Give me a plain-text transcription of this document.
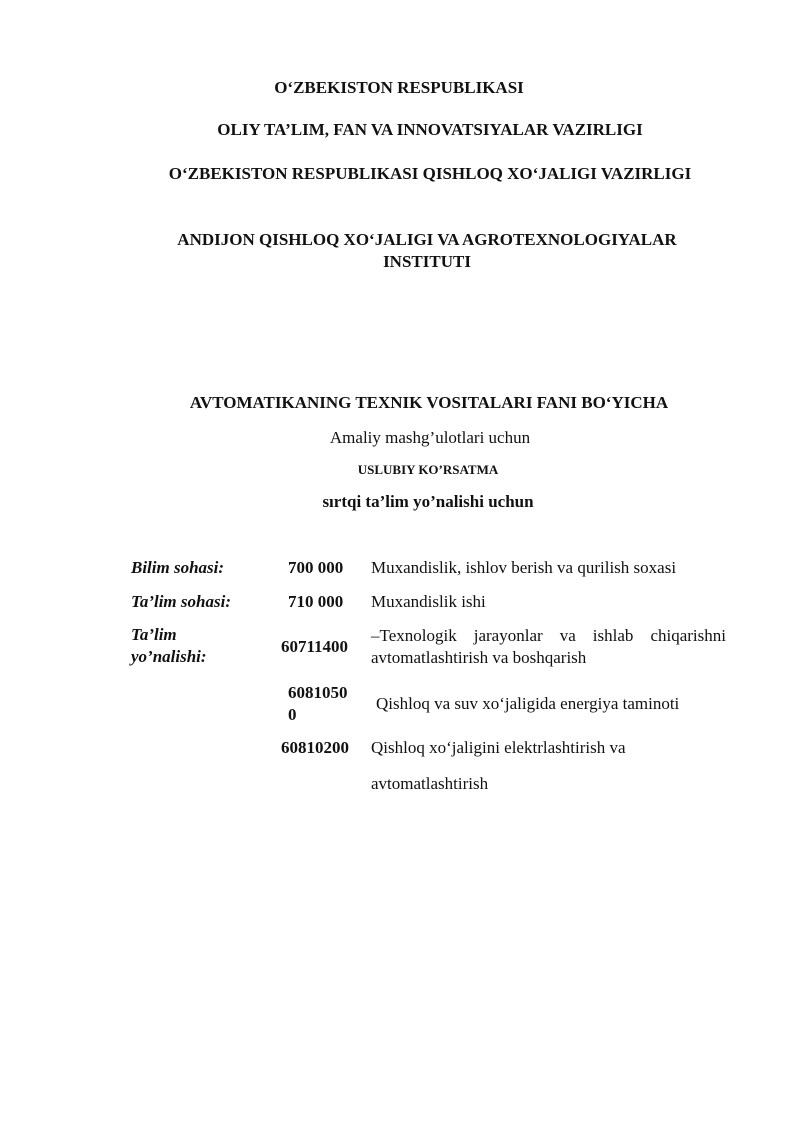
O‘ZBEKISTON RESPUBLIKASI
OLIY TA’LIM, FAN VA INNOVATSIYALAR VAZIRLIGI
O‘ZBEKISTON RESPUBLIKASI QISHLOQ XO‘JALIGI VAZIRLIGI
ANDIJON QISHLOQ XO‘JALIGI VA AGROTEXNOLOGIYALAR
INSTITUTI
AVTOMATIKANING TEXNIK VOSITALARI FANI BO‘YICHA
Amaliy mashg’ulotlari uchun
USLUBIY KO’RSATMA
sırtqi ta’lim yo’nalishi uchun
Bilim sohasi:	700 000 Muxandislik, ishlov berish va qurilish soxasi
Ta’lim sohasi:	710 000 Muxandislik ishi
Ta’lim
yo’nalishi:
60711400
–Texnologik jarayonlar va ishlab chiqarishni
avtomatlashtirish va boshqarish
6081050
0
Qishloq va suv xo‘jaligida energiya taminoti
60810200 Qishloq xo‘jaligini elektrlashtirish va
avtomatlashtirish
